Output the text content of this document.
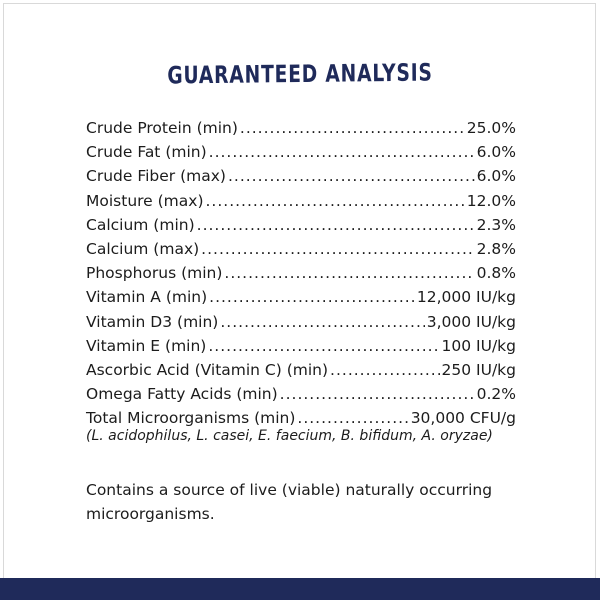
GUARANTEED ANALYSIS
Crude Protein (min) .....	25.0%
Crude Fat (min) .....	6.0%
Crude Fiber (max) .....	6.0%
Moisture (max) .....	12.0%
Calcium (min) .....	2.3%
Calcium (max) .....	2.8%
Phosphorus (min) .....	0.8%
Vitamin A (min) .....	12,000 IU/kg
Vitamin D3 (min) .....	3,000 IU/kg
Vitamin E (min) .....	100 IU/kg
Ascorbic Acid (Vitamin C) (min) .....	250 IU/kg
Omega Fatty Acids (min) .....	0.2%
Total Microorganisms (min) .....	30,000 CFU/g
(L. acidophilus, L. casei, E. faecium, B. bifidum, A. oryzae)
Contains a source of live (viable) naturally occurring microorganisms.
